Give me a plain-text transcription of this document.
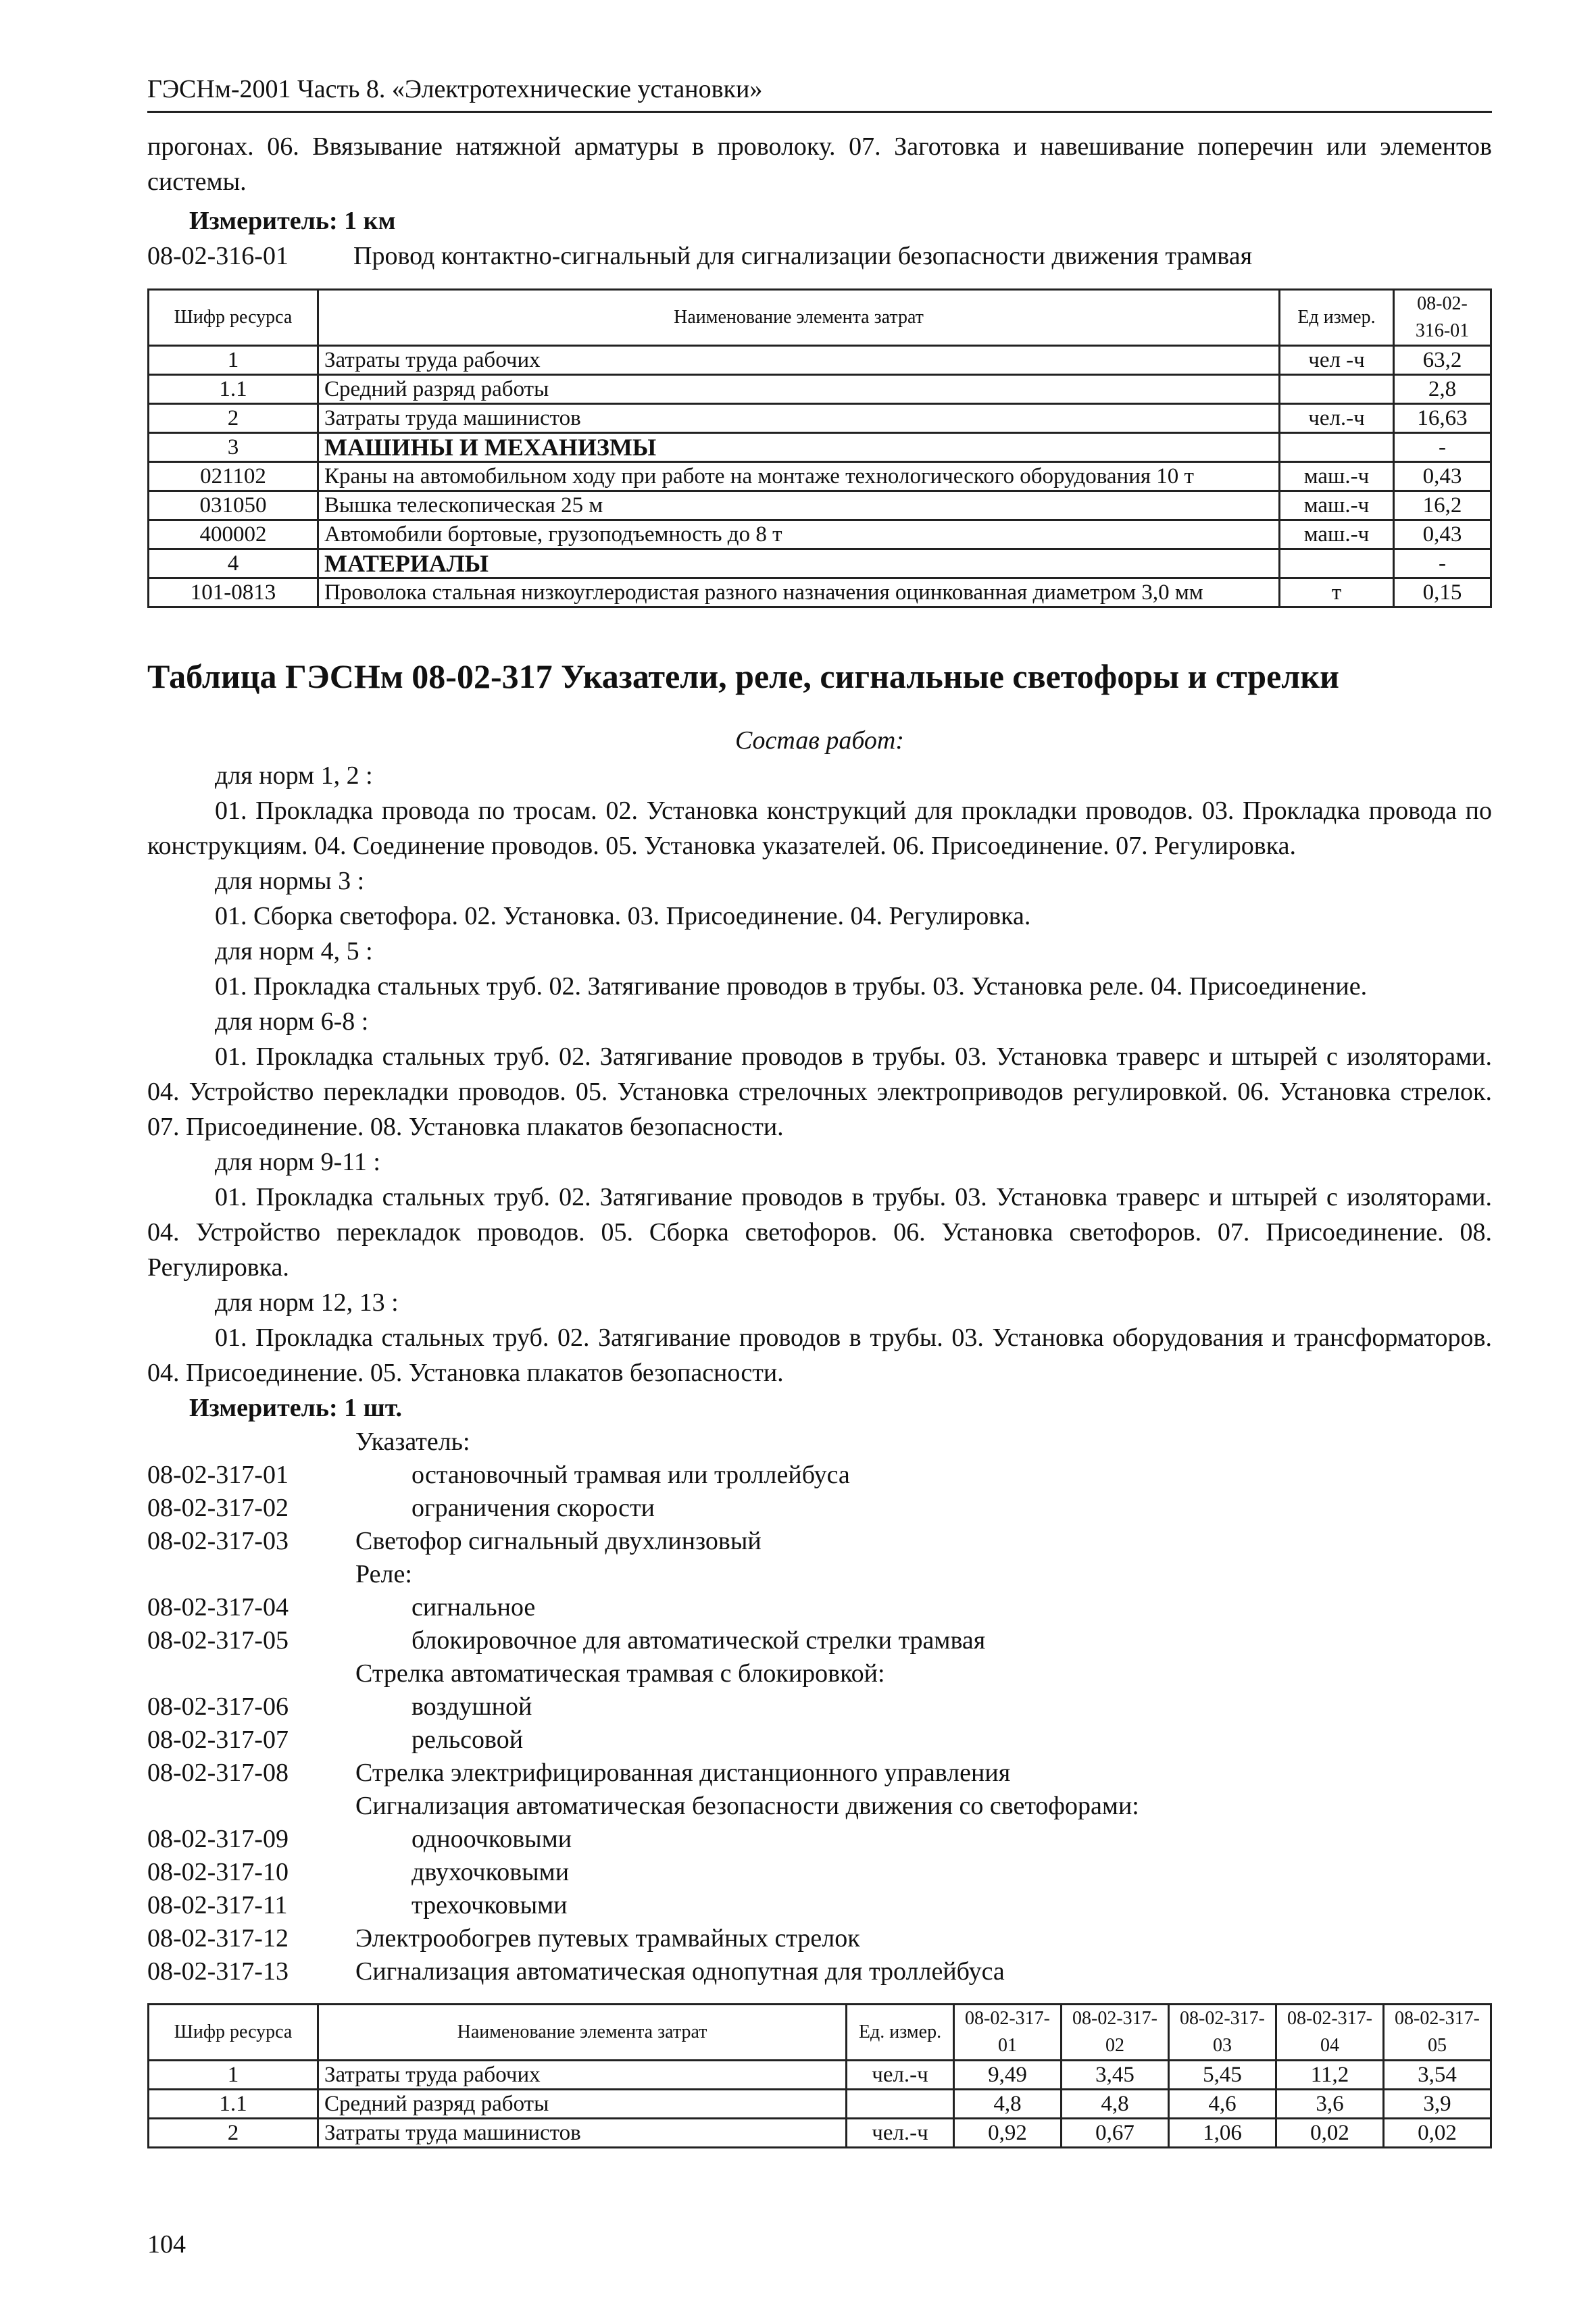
ГЭСНм-2001 Часть 8. «Электротехнические установки»

прогонах. 06. Ввязывание натяжной арматуры в проволоку. 07. Заготовка и навешивание поперечин или элементов системы.

Измеритель: 1 км
08-02-316-01	Провод контактно-сигнальный для сигнализации безопасности движения трамвая
Шифр ресурса	Наименование элемента затрат	Ед измер.	08-02-316-01
1	Затраты труда рабочих	чел -ч	63,2
1.1	Средний разряд работы		2,8
2	Затраты труда машинистов	чел.-ч	16,63
3	МАШИНЫ И МЕХАНИЗМЫ		-
021102	Краны на автомобильном ходу при работе на монтаже технологического оборудования 10 т	маш.-ч	0,43
031050	Вышка телескопическая 25 м	маш.-ч	16,2
400002	Автомобили бортовые, грузоподъемность до 8 т	маш.-ч	0,43
4	МАТЕРИАЛЫ		-
101-0813	Проволока стальная низкоуглеродистая разного назначения оцинкованная диаметром 3,0 мм	т	0,15
Таблица ГЭСНм 08-02-317 Указатели, реле, сигнальные светофоры и стрелки
Состав работ:

для норм 1, 2 :

01. Прокладка провода по тросам. 02. Установка конструкций для прокладки проводов. 03. Прокладка провода по конструкциям. 04. Соединение проводов. 05. Установка указателей. 06. Присоединение. 07. Регулировка.

для нормы 3 :

01. Сборка светофора. 02. Установка. 03. Присоединение. 04. Регулировка.

для норм 4, 5 :

01. Прокладка стальных труб. 02. Затягивание проводов в трубы. 03. Установка реле. 04. Присоединение.

для норм 6-8 :

01. Прокладка стальных труб. 02. Затягивание проводов в трубы. 03. Установка траверс и штырей с изоляторами. 04. Устройство перекладки проводов. 05. Установка стрелочных электроприводов регулировкой. 06. Установка стрелок. 07. Присоединение. 08. Установка плакатов безопасности.

для норм 9-11 :

01. Прокладка стальных труб. 02. Затягивание проводов в трубы. 03. Установка траверс и штырей с изоляторами. 04. Устройство перекладок проводов. 05. Сборка светофоров. 06. Установка светофоров. 07. Присоединение. 08. Регулировка.

для норм 12, 13 :

01. Прокладка стальных труб. 02. Затягивание проводов в трубы. 03. Установка оборудования и трансформаторов. 04. Присоединение. 05. Установка плакатов безопасности.

Измеритель: 1 шт.
Указатель:
08-02-317-01	остановочный трамвая или троллейбуса
08-02-317-02	ограничения скорости
08-02-317-03	Светофор сигнальный двухлинзовый
Реле:
08-02-317-04	сигнальное
08-02-317-05	блокировочное для автоматической стрелки трамвая
Стрелка автоматическая трамвая с блокировкой:
08-02-317-06	воздушной
08-02-317-07	рельсовой
08-02-317-08	Стрелка электрифицированная дистанционного управления
Сигнализация автоматическая безопасности движения со светофорами:
08-02-317-09	одноочковыми
08-02-317-10	двухочковыми
08-02-317-11	трехочковыми
08-02-317-12	Электрообогрев путевых трамвайных стрелок
08-02-317-13	Сигнализация автоматическая однопутная для троллейбуса
Шифр ресурса	Наименование элемента затрат	Ед. измер.	08-02-317-01	08-02-317-02	08-02-317-03	08-02-317-04	08-02-317-05
1	Затраты труда рабочих	чел.-ч	9,49	3,45	5,45	11,2	3,54
1.1	Средний разряд работы		4,8	4,8	4,6	3,6	3,9
2	Затраты труда машинистов	чел.-ч	0,92	0,67	1,06	0,02	0,02
104
